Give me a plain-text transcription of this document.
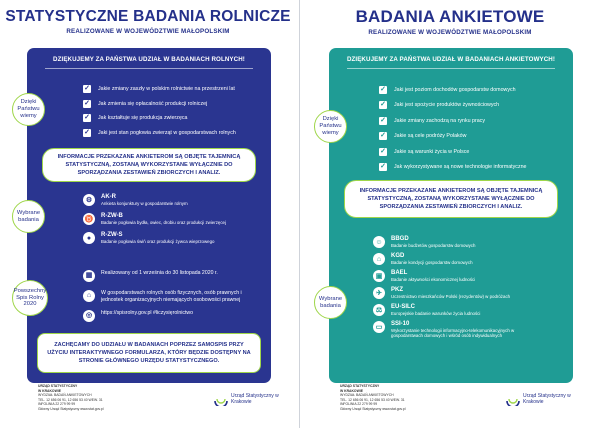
STATYSTYCZNE BADANIA ROLNICZE
REALIZOWANE W WOJEWÓDZTWIE MAŁOPOLSKIM
DZIĘKUJEMY ZA PAŃSTWA UDZIAŁ W BADANIACH ROLNYCH!
Dzięki Państwu wiemy
✓ Jakie zmiany zaszły w polskim rolnictwie na przestrzeni lat
✓ Jak zmienia się opłacalność produkcji rolniczej
✓ Jak kształtuje się produkcja zwierzęca
✓ Jaki jest stan pogłowia zwierząt w gospodarstwach rolnych
INFORMACJE PRZEKAZANE ANKIETEROM SĄ OBJĘTE TAJEMNICĄ STATYSTYCZNĄ, ZOSTANĄ WYKORZYSTANE WYŁĄCZNIE DO SPORZĄDZANIA ZESTAWIEŃ ZBIORCZYCH I ANALIZ.
Wybrane badania
⚙	AK-R
Ankieta konjunktury w gospodarstwie rolnym
♉ R-ZW-B
Badanie pogłowia bydła, owiec, drobiu oraz produkcji zwierzęcej
●	R-ZW-S
Badanie pogłowia świń oraz produkcji żywca wieprzowego
Powszechny Spis Rolny 2020
▦	Realizowany od 1 września do 30 listopada 2020 r.
⌂	W gospodarstwach rolnych osób fizycznych, osób prawnych i jednostek organizacyjnych niemających osobowości prawnej
◎	https://spisrolny.gov.pl #liczysięrolnictwo
ZACHĘCAMY DO UDZIAŁU W BADANIACH POPRZEZ SAMOSPIS PRZY UŻYCIU INTERAKTYWNEGO FORMULARZA, KTÓRY BĘDZIE DOSTĘPNY NA STRONIE GŁÓWNEGO URZĘDU STATYSTYCZNEGO.
URZĄD STATYSTYCZNY
W KRAKOWIE
WYDZIAŁ BADAŃ ANKIETOWYCH
TEL. 12 656 06 91, 12 656 53 40 WEW. 31
INFOLINIA 22 279 99 99
Główny Urząd Statystyczny www.stat.gov.pl
Urząd Statystyczny w Krakowie
BADANIA ANKIETOWE
REALIZOWANE W WOJEWÓDZTWIE MAŁOPOLSKIM
DZIĘKUJEMY ZA PAŃSTWA UDZIAŁ W BADANIACH ANKIETOWYCH!
Dzięki Państwu wiemy
✓ Jaki jest poziom dochodów gospodarstw domowych
✓ Jaki jest spożycie produktów żywnościowych
✓ Jakie zmiany zachodzą na rynku pracy
✓ Jakie są cele podróży Polaków
✓ Jakie są warunki życia w Polsce
✓ Jak wykorzystywane są nowe technologie informatyczne
INFORMACJE PRZEKAZANE ANKIETEROM SĄ OBJĘTE TAJEMNICĄ STATYSTYCZNĄ, ZOSTANĄ WYKORZYSTANE WYŁĄCZNIE DO SPORZĄDZANIA ZESTAWIEŃ ZBIORCZYCH I ANALIZ.
Wybrane badania
☺	BBGD
Badanie budżetów gospodarstw domowych
⌂	KGD
Badanie kondycji gospodarstw domowych
▣	BAEL
Badanie aktywności ekonomicznej ludności
✈	PKZ
Uczestnictwo mieszkańców Polski (rezydentów) w podróżach
⚖	EU-SILC
Europejskie badanie warunków życia ludności
▭	SSI-10
Wykorzystanie technologii informacyjno-telekomunikacyjnych w gospodarstwach domowych i wśród osób indywidualnych
URZĄD STATYSTYCZNY
W KRAKOWIE
WYDZIAŁ BADAŃ ANKIETOWYCH
TEL. 12 656 06 91, 12 656 53 40 WEW. 31
INFOLINIA 22 279 99 99
Główny Urząd Statystyczny www.stat.gov.pl
Urząd Statystyczny w Krakowie
